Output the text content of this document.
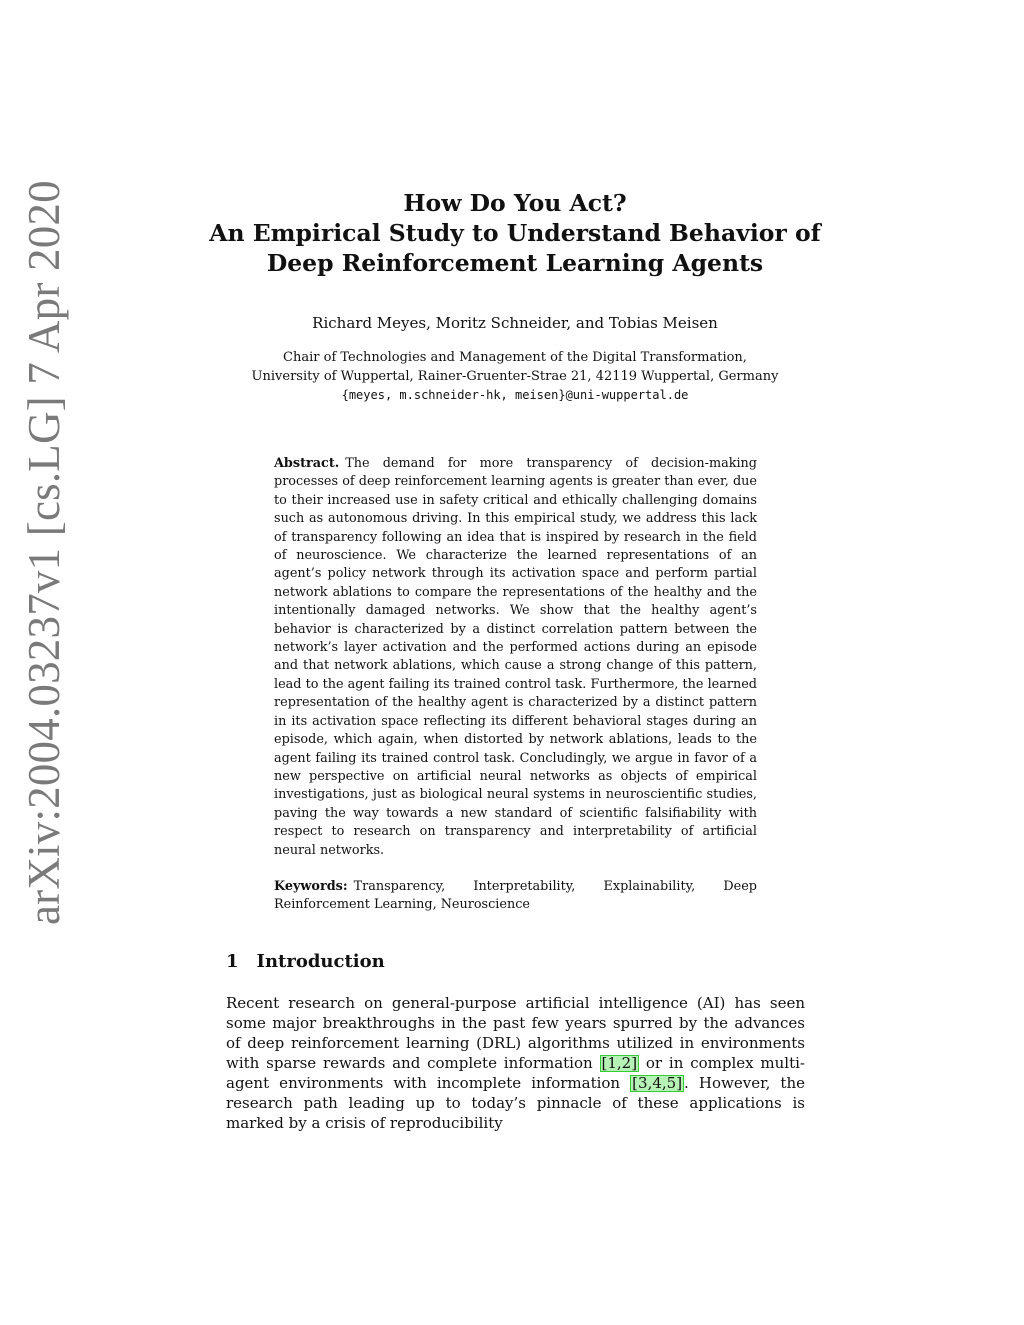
arXiv:2004.03237v1 [cs.LG] 7 Apr 2020	How Do You Act?
An Empirical Study to Understand Behavior of
Deep Reinforcement Learning Agents
Richard Meyes, Moritz Schneider, and Tobias Meisen
Chair of Technologies and Management of the Digital Transformation,
University of Wuppertal, Rainer-Gruenter-Strae 21, 42119 Wuppertal, Germany
{meyes, m.schneider-hk, meisen}@uni-wuppertal.de
Abstract. The demand for more transparency of decision-making processes of deep reinforcement learning agents is greater than ever, due to their increased use in safety critical and ethically challenging domains such as autonomous driving. In this empirical study, we address this lack of transparency following an idea that is inspired by research in the field of neuroscience. We characterize the learned representations of an agent’s policy network through its activation space and perform partial network ablations to compare the representations of the healthy and the intentionally damaged networks. We show that the healthy agent’s behavior is characterized by a distinct correlation pattern between the network’s layer activation and the performed actions during an episode and that network ablations, which cause a strong change of this pattern, lead to the agent failing its trained control task. Furthermore, the learned representation of the healthy agent is characterized by a distinct pattern in its activation space reflecting its different behavioral stages during an episode, which again, when distorted by network ablations, leads to the agent failing its trained control task. Concludingly, we argue in favor of a new perspective on artificial neural networks as objects of empirical investigations, just as biological neural systems in neuroscientific studies, paving the way towards a new standard of scientific falsifiability with respect to research on transparency and interpretability of artificial neural networks.
Keywords: Transparency, Interpretability, Explainability, Deep Reinforcement Learning, Neuroscience
1 Introduction
Recent research on general-purpose artificial intelligence (AI) has seen some major breakthroughs in the past few years spurred by the advances of deep reinforcement learning (DRL) algorithms utilized in environments with sparse rewards and complete information [1,2] or in complex multi-agent environments with incomplete information [3,4,5] . However, the research path leading up to today’s pinnacle of these applications is marked by a crisis of reproducibility
